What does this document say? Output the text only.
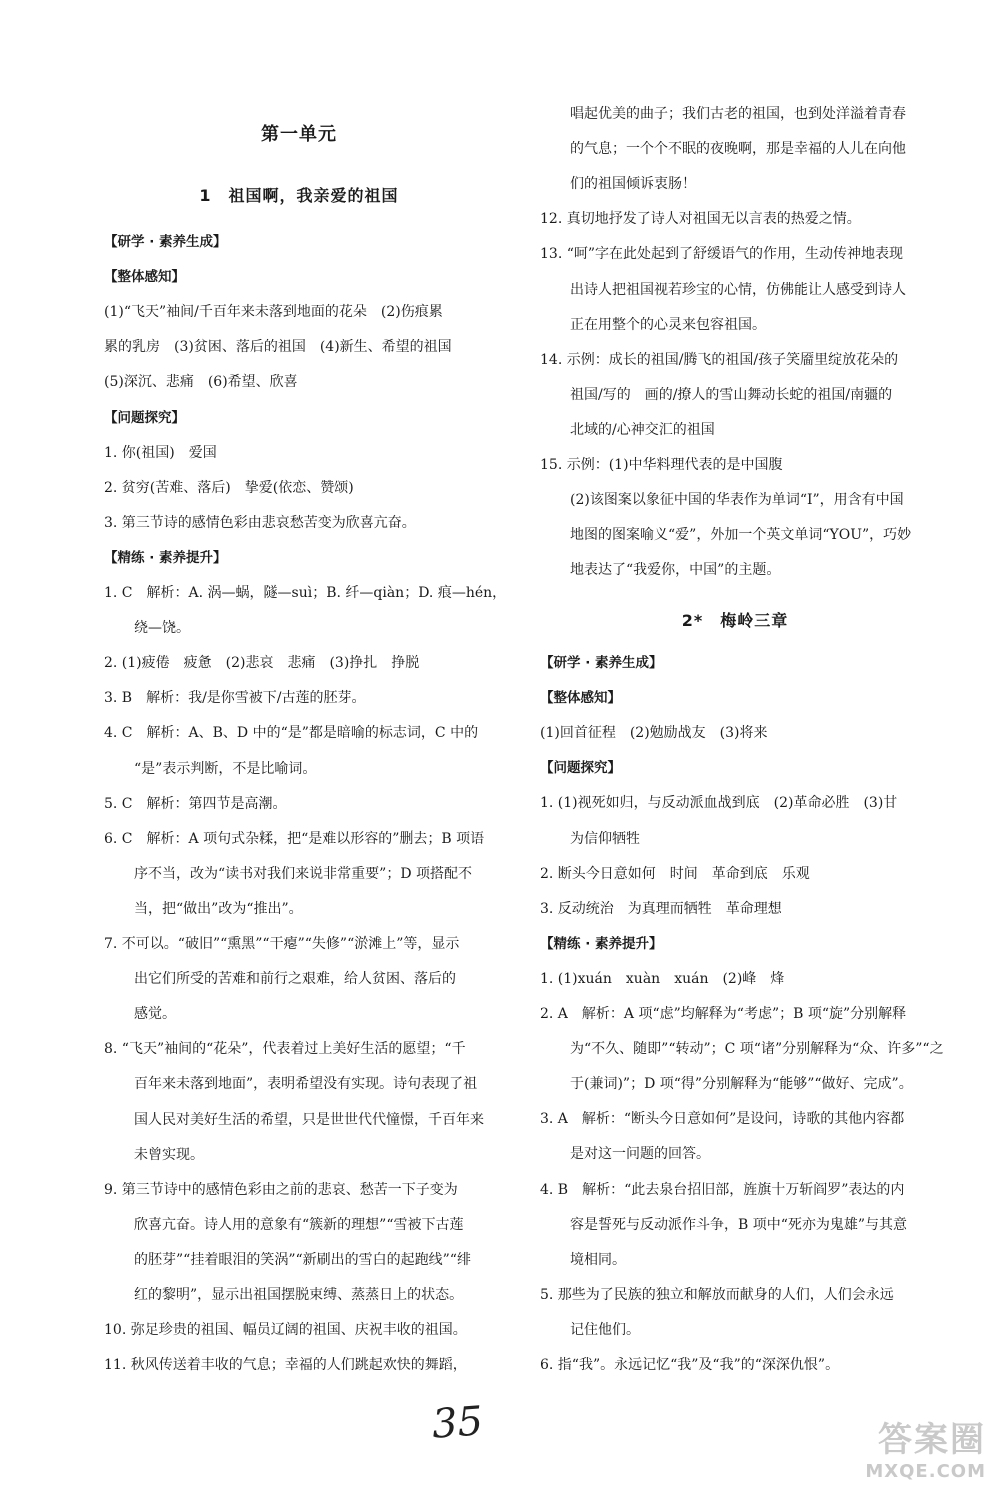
第一单元
1　祖国啊，我亲爱的祖国
【研学 · 素养生成】
【整体感知】
(1)“飞天”袖间/千百年来未落到地面的花朵　(2)伤痕累
累的乳房　(3)贫困、落后的祖国　(4)新生、希望的祖国
(5)深沉、悲痛　(6)希望、欣喜
【问题探究】
1. 你(祖国)　爱国
2. 贫穷(苦难、落后)　挚爱(依恋、赞颂)
3. 第三节诗的感情色彩由悲哀愁苦变为欣喜亢奋。
【精练 · 素养提升】
1. C　解析：A. 涡—蜗，隧—suì；B. 纤—qiàn；D. 痕—hén，
绕—饶。
2. (1)疲倦　疲惫　(2)悲哀　悲痛　(3)挣扎　挣脱
3. B　解析：我/是你雪被下/古莲的胚芽。
4. C　解析：A、B、D 中的“是”都是暗喻的标志词，C 中的
“是”表示判断，不是比喻词。
5. C　解析：第四节是高潮。
6. C　解析：A 项句式杂糅，把“是难以形容的”删去；B 项语
序不当，改为“读书对我们来说非常重要”；D 项搭配不
当，把“做出”改为“推出”。
7. 不可以。“破旧”“熏黑”“干瘪”“失修”“淤滩上”等，显示
出它们所受的苦难和前行之艰难，给人贫困、落后的
感觉。
8. “飞天”袖间的“花朵”，代表着过上美好生活的愿望；“千
百年来未落到地面”，表明希望没有实现。诗句表现了祖
国人民对美好生活的希望，只是世世代代憧憬，千百年来
未曾实现。
9. 第三节诗中的感情色彩由之前的悲哀、愁苦一下子变为
欣喜亢奋。诗人用的意象有“簇新的理想”“雪被下古莲
的胚芽”“挂着眼泪的笑涡”“新刷出的雪白的起跑线”“绯
红的黎明”，显示出祖国摆脱束缚、蒸蒸日上的状态。
10. 弥足珍贵的祖国、幅员辽阔的祖国、庆祝丰收的祖国。
11. 秋风传送着丰收的气息；幸福的人们跳起欢快的舞蹈，
2*　梅岭三章
唱起优美的曲子；我们古老的祖国，也到处洋溢着青春
的气息；一个个不眠的夜晚啊，那是幸福的人儿在向他
们的祖国倾诉衷肠！
12. 真切地抒发了诗人对祖国无以言表的热爱之情。
13. “呵”字在此处起到了舒缓语气的作用，生动传神地表现
出诗人把祖国视若珍宝的心情，仿佛能让人感受到诗人
正在用整个的心灵来包容祖国。
14. 示例：成长的祖国/腾飞的祖国/孩子笑靥里绽放花朵的
祖国/写的　画的/撩人的雪山舞动长蛇的祖国/南疆的
北域的/心神交汇的祖国
15. 示例：(1)中华料理代表的是中国腹
(2)该图案以象征中国的华表作为单词“I”，用含有中国
地图的图案喻义“爱”，外加一个英文单词“YOU”，巧妙
地表达了“我爱你，中国”的主题。
【研学 · 素养生成】
【整体感知】
(1)回首征程　(2)勉励战友　(3)将来
【问题探究】
1. (1)视死如归，与反动派血战到底　(2)革命必胜　(3)甘
为信仰牺牲
2. 断头今日意如何　时间　革命到底　乐观
3. 反动统治　为真理而牺牲　革命理想
【精练 · 素养提升】
1. (1)xuán　xuàn　xuán　(2)峰　烽
2. A　解析：A 项“虑”均解释为“考虑”；B 项“旋”分别解释
为“不久、随即”“转动”；C 项“诸”分别解释为“众、许多”“之
于(兼词)”；D 项“得”分别解释为“能够”“做好、完成”。
3. A　解析：“断头今日意如何”是设问，诗歌的其他内容都
是对这一问题的回答。
4. B　解析：“此去泉台招旧部，旌旗十万斩阎罗”表达的内
容是誓死与反动派作斗争，B 项中“死亦为鬼雄”与其意
境相同。
5. 那些为了民族的独立和解放而献身的人们，人们会永远
记住他们。
6. 指“我”。永远记忆“我”及“我”的“深深仇恨”。
35	答案圈
MXQE.COM
